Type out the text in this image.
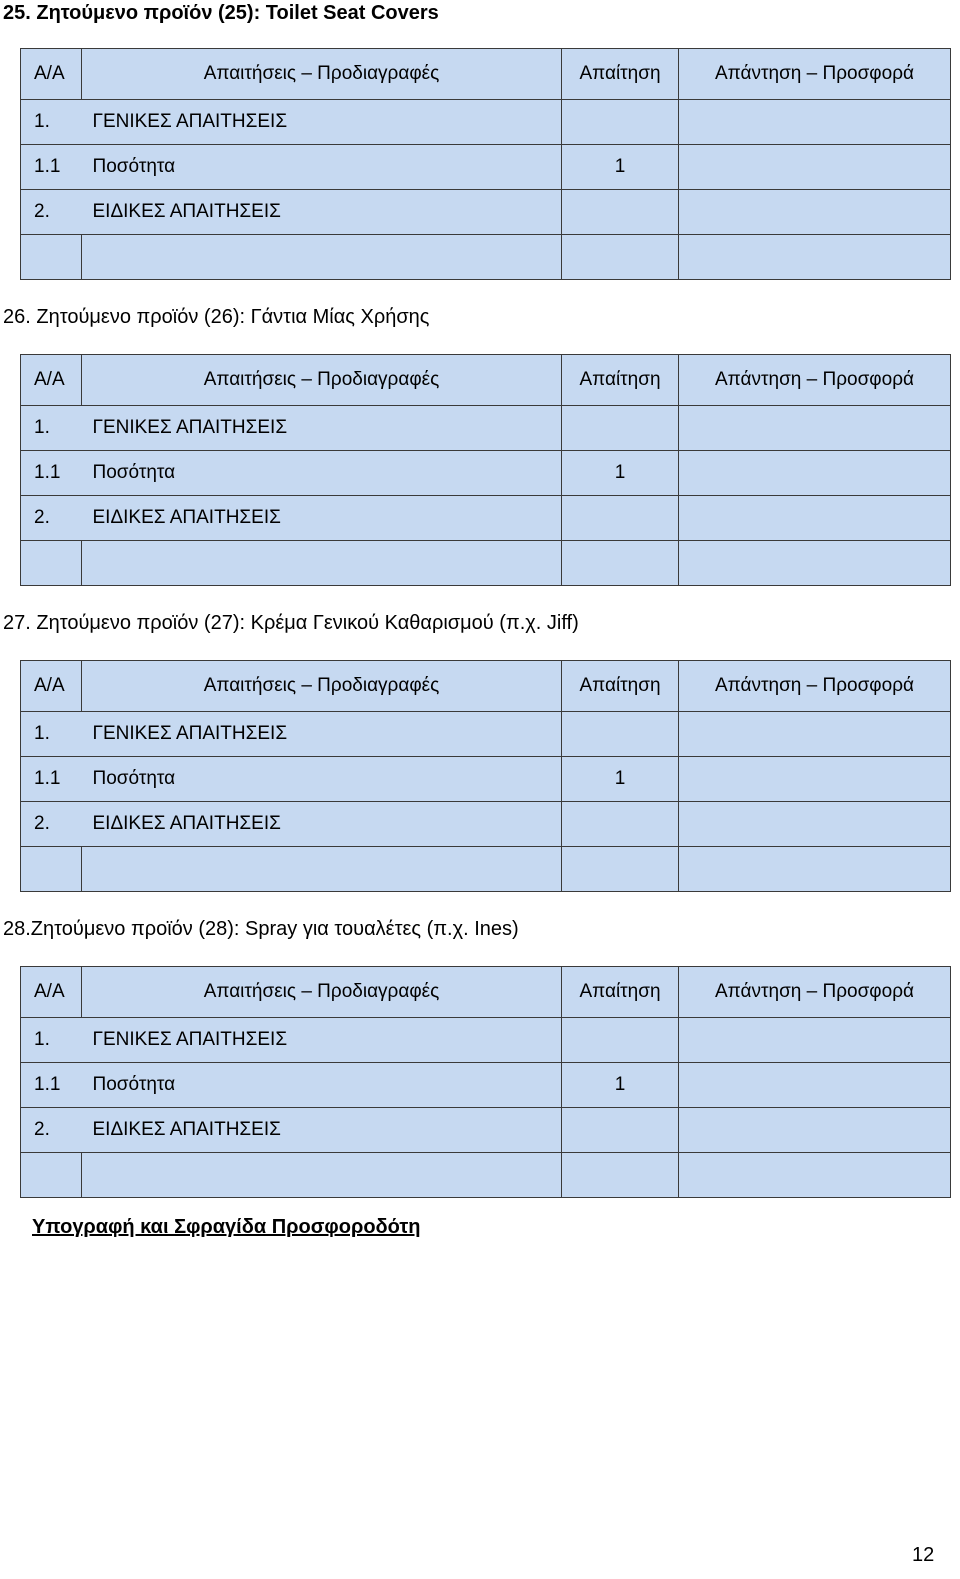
25. Ζητούμενο προϊόν (25): Toilet Seat Covers
Α/Α	Απαιτήσεις – Προδιαγραφές	Απαίτηση	Απάντηση – Προσφορά
1.	ΓΕΝΙΚΕΣ ΑΠΑΙΤΗΣΕΙΣ		
1.1	Ποσότητα	1	
2.	ΕΙΔΙΚΕΣ ΑΠΑΙΤΗΣΕΙΣ		

26. Ζητούμενο προϊόν (26): Γάντια Μίας Χρήσης
Α/Α	Απαιτήσεις – Προδιαγραφές	Απαίτηση	Απάντηση – Προσφορά
1.	ΓΕΝΙΚΕΣ ΑΠΑΙΤΗΣΕΙΣ		
1.1	Ποσότητα	1	
2.	ΕΙΔΙΚΕΣ ΑΠΑΙΤΗΣΕΙΣ		

27. Ζητούμενο προϊόν (27): Κρέμα Γενικού Καθαρισμού (π.χ. Jiff)
Α/Α	Απαιτήσεις – Προδιαγραφές	Απαίτηση	Απάντηση – Προσφορά
1.	ΓΕΝΙΚΕΣ ΑΠΑΙΤΗΣΕΙΣ		
1.1	Ποσότητα	1	
2.	ΕΙΔΙΚΕΣ ΑΠΑΙΤΗΣΕΙΣ		

28.Ζητούμενο προϊόν (28): Spray για τουαλέτες (π.χ. Ines)
Α/Α	Απαιτήσεις – Προδιαγραφές	Απαίτηση	Απάντηση – Προσφορά
1.	ΓΕΝΙΚΕΣ ΑΠΑΙΤΗΣΕΙΣ		
1.1	Ποσότητα	1	
2.	ΕΙΔΙΚΕΣ ΑΠΑΙΤΗΣΕΙΣ		

Υπογραφή και Σφραγίδα Προσφοροδότη
12
